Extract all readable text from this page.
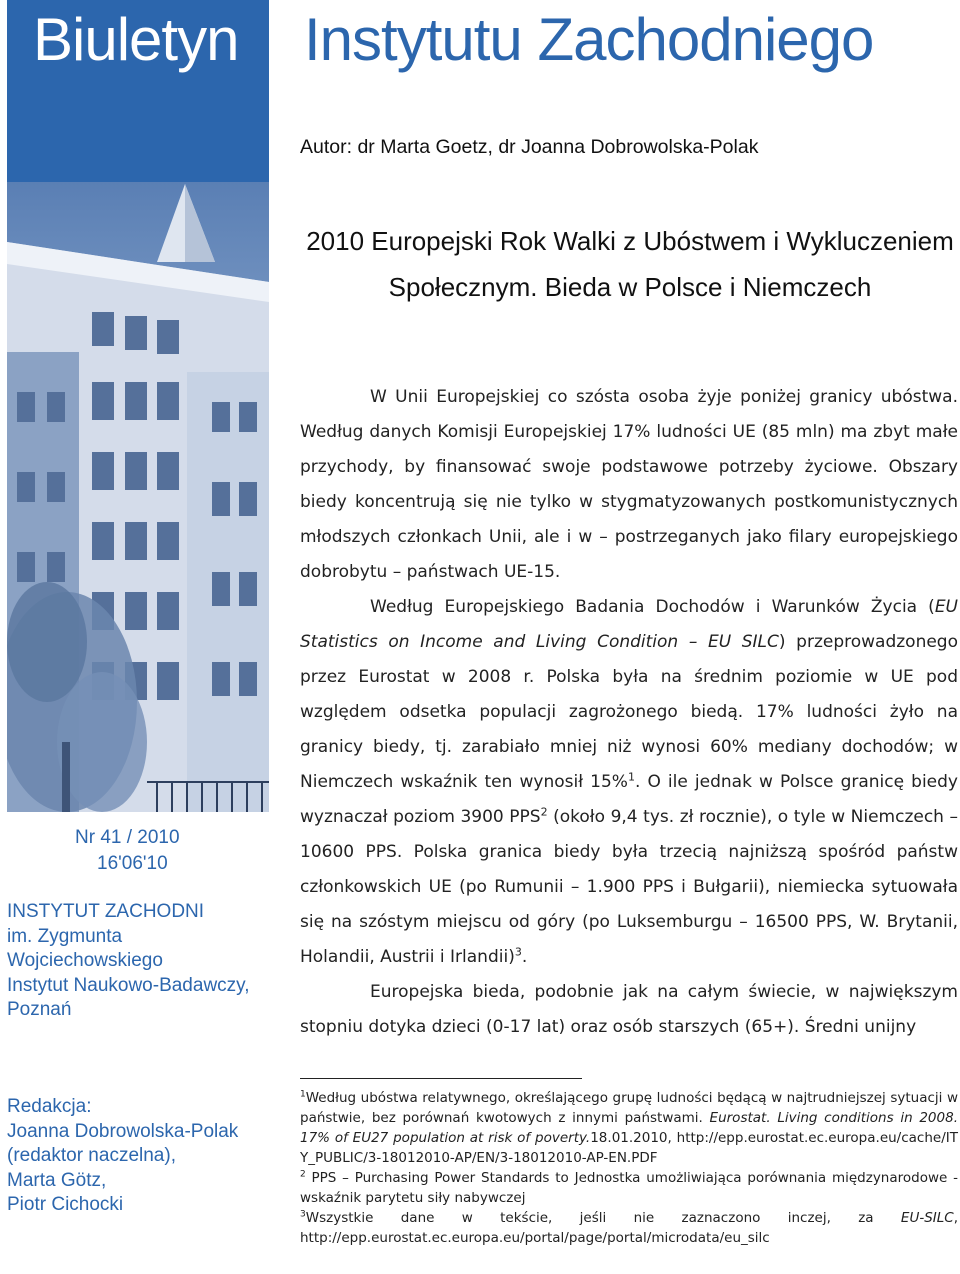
Biuletyn Instytutu Zachodniego
Nr 41 / 2010
16'06'10
INSTYTUT ZACHODNI
im. Zygmunta
Wojciechowskiego
Instytut Naukowo-Badawczy,
Poznań
Redakcja:
Joanna Dobrowolska-Polak
(redaktor naczelna),
Marta Götz,
Piotr Cichocki
Autor: dr Marta Goetz, dr Joanna Dobrowolska-Polak
2010 Europejski Rok Walki z Ubóstwem i Wykluczeniem
Społecznym. Bieda w Polsce i Niemczech

W Unii Europejskiej co szósta osoba żyje poniżej granicy ubóstwa. Według danych Komisji Europejskiej 17% ludności UE (85 mln) ma zbyt małe przychody, by finansować swoje podstawowe potrzeby życiowe. Obszary biedy koncentrują się nie tylko w stygmatyzowanych postkomunistycznych młodszych członkach Unii, ale i w – postrzeganych jako filary europejskiego dobrobytu – państwach UE-15.

Według Europejskiego Badania Dochodów i Warunków Życia (EU Statistics on Income and Living Condition – EU SILC) przeprowadzonego przez Eurostat w 2008 r. Polska była na średnim poziomie w UE pod względem odsetka populacji zagrożonego biedą. 17% ludności żyło na granicy biedy, tj. zarabiało mniej niż wynosi 60% mediany dochodów; w Niemczech wskaźnik ten wynosił 15%$^1$. O ile jednak w Polsce granicę biedy wyznaczał poziom 3900 PPS$^2$ (około 9,4 tys. zł rocznie), o tyle w Niemczech – 10600 PPS. Polska granica biedy była trzecią najniższą spośród państw członkowskich UE (po Rumunii – 1.900 PPS i Bułgarii), niemiecka sytuowała się na szóstym miejscu od góry (po Luksemburgu – 16500 PPS, W. Brytanii, Holandii, Austrii i Irlandii)$^3$.

Europejska bieda, podobnie jak na całym świecie, w największym stopniu dotyka dzieci (0-17 lat) oraz osób starszych (65+). Średni unijny

$^1$Według ubóstwa relatywnego, określającego grupę ludności będącą w najtrudniejszej sytuacji w państwie, bez porównań kwotowych z innymi państwami. Eurostat. Living conditions in 2008. 17% of EU27 population at risk of poverty.18.01.2010, http://epp.eurostat.ec.europa.eu/cache/ITY_PUBLIC/3-18012010-AP/EN/3-18012010-AP-EN.PDF

$^2$ PPS – Purchasing Power Standards to Jednostka umożliwiająca porównania międzynarodowe - wskaźnik parytetu siły nabywczej

$^3$Wszystkie dane w tekście, jeśli nie zaznaczono inczej, za EU-SILC, http://epp.eurostat.ec.europa.eu/portal/page/portal/microdata/eu_silc
